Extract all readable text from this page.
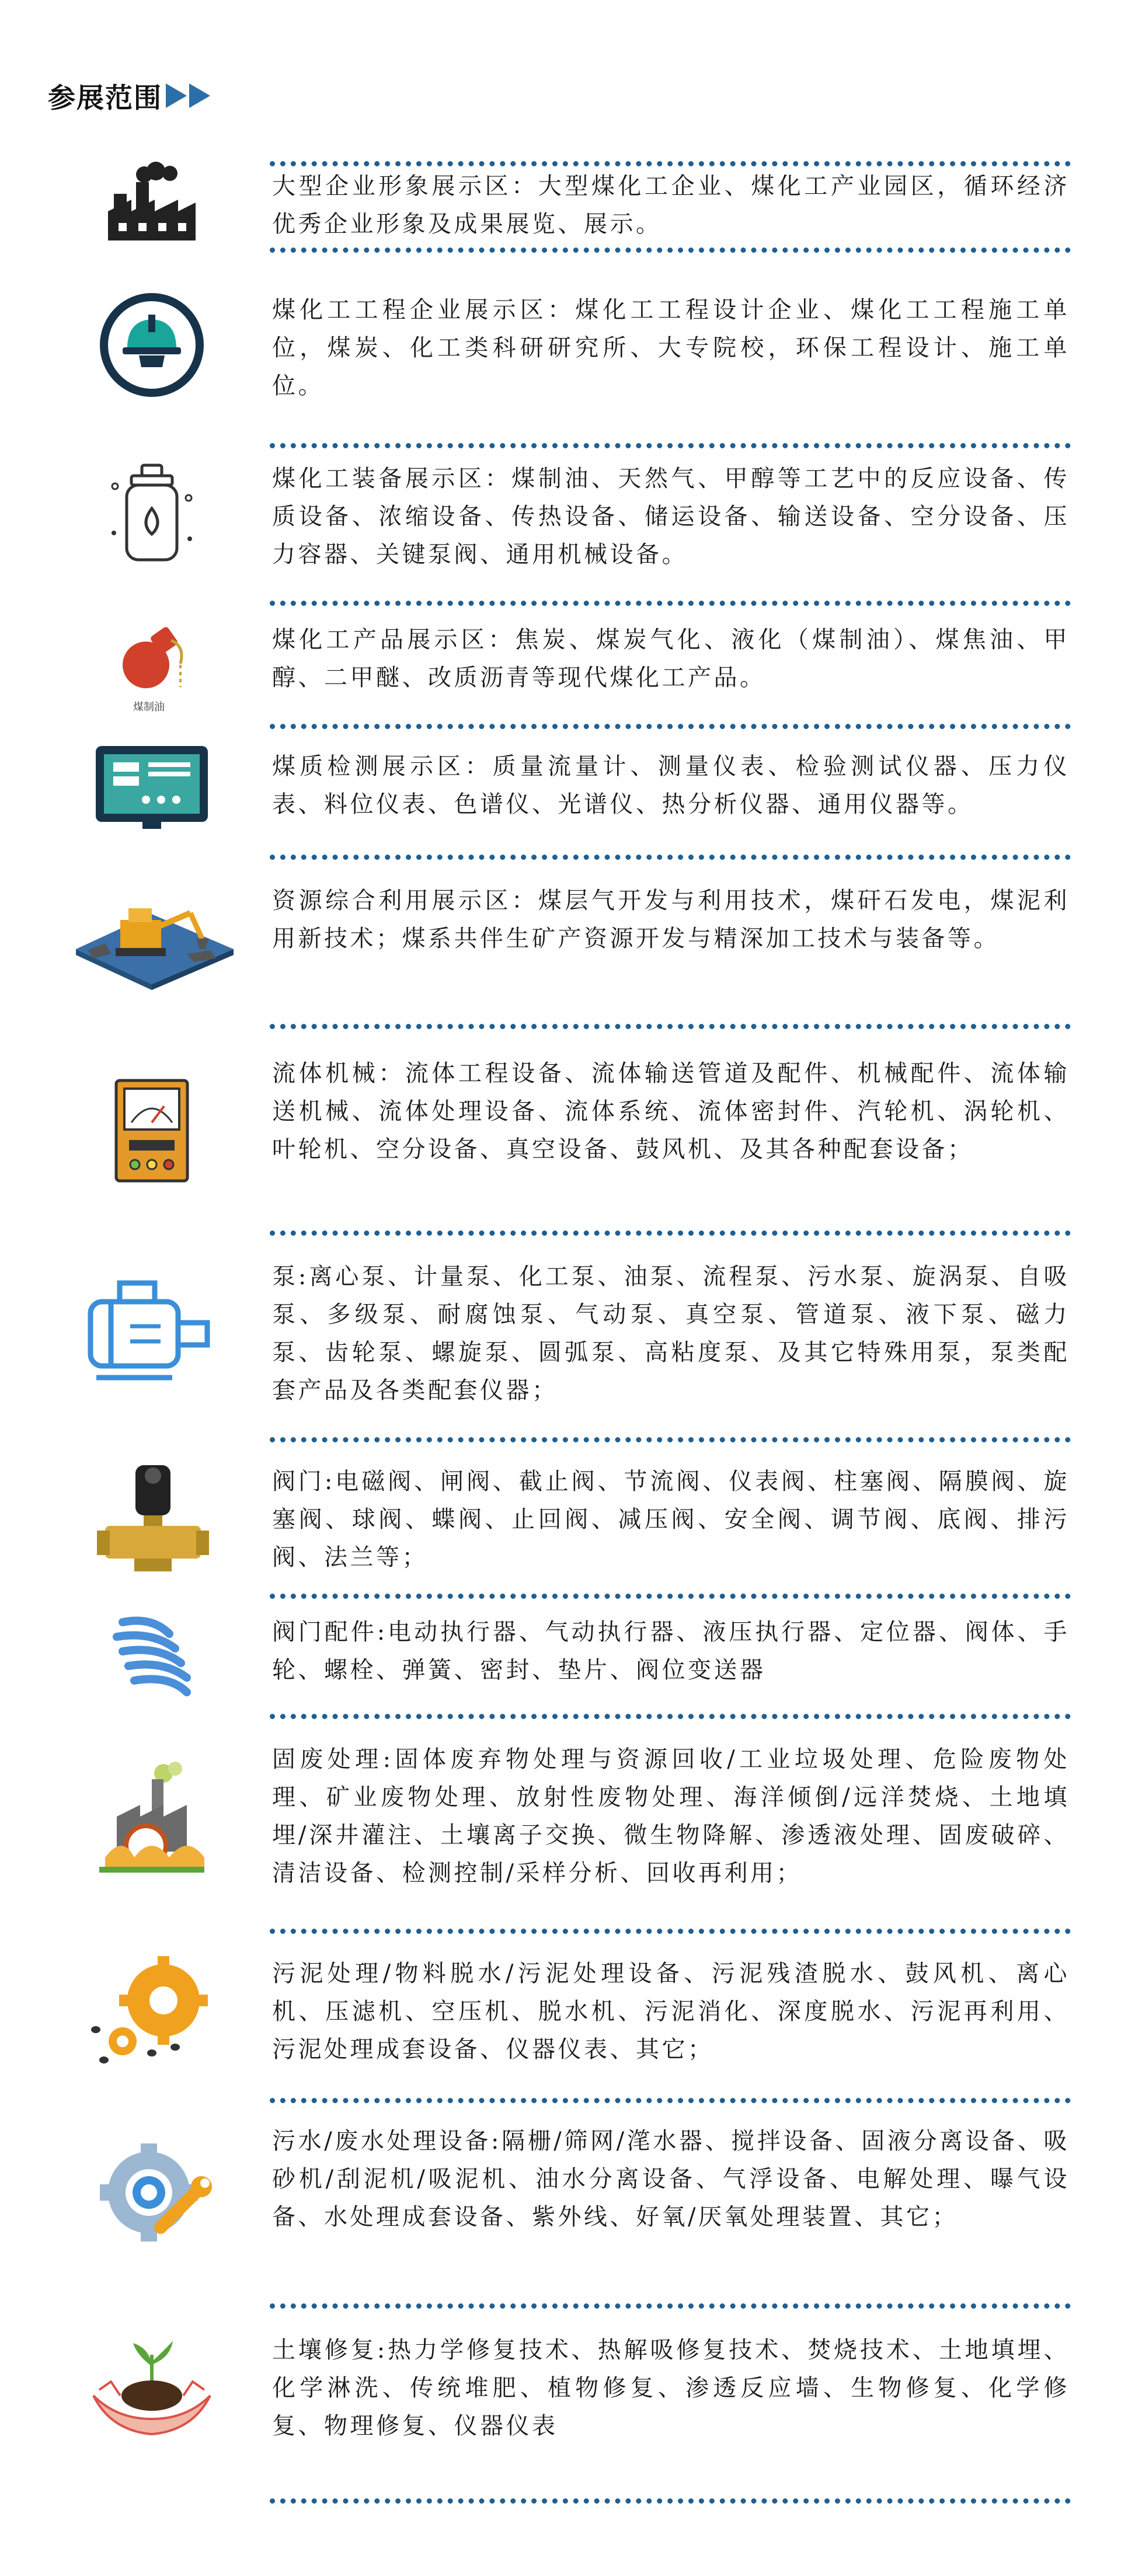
参展范围
大型企业形象展示区：大型煤化工企业、煤化工产业园区，循环经济优秀企业形象及成果展览、展示。
煤化工工程企业展示区：煤化工工程设计企业、煤化工工程施工单位，煤炭、化工类科研研究所、大专院校，环保工程设计、施工单位。
煤化工装备展示区：煤制油、天然气、甲醇等工艺中的反应设备、传质设备、浓缩设备、传热设备、储运设备、输送设备、空分设备、压力容器、关键泵阀、通用机械设备。
煤制油
煤化工产品展示区：焦炭、煤炭气化、液化（煤制油）、煤焦油、甲醇、二甲醚、改质沥青等现代煤化工产品。
煤质检测展示区：质量流量计、测量仪表、检验测试仪器、压力仪表、料位仪表、色谱仪、光谱仪、热分析仪器、通用仪器等。
资源综合利用展示区：煤层气开发与利用技术，煤矸石发电，煤泥利用新技术；煤系共伴生矿产资源开发与精深加工技术与装备等。
流体机械：流体工程设备、流体输送管道及配件、机械配件、流体输送机械、流体处理设备、流体系统、流体密封件、汽轮机、涡轮机、叶轮机、空分设备、真空设备、鼓风机、及其各种配套设备；
泵:离心泵、计量泵、化工泵、油泵、流程泵、污水泵、旋涡泵、自吸泵、多级泵、耐腐蚀泵、气动泵、真空泵、管道泵、液下泵、磁力泵、齿轮泵、螺旋泵、圆弧泵、高粘度泵、及其它特殊用泵，泵类配套产品及各类配套仪器；
阀门:电磁阀、闸阀、截止阀、节流阀、仪表阀、柱塞阀、隔膜阀、旋塞阀、球阀、蝶阀、止回阀、减压阀、安全阀、调节阀、底阀、排污阀、法兰等；
阀门配件:电动执行器、气动执行器、液压执行器、定位器、阀体、手轮、螺栓、弹簧、密封、垫片、阀位变送器
固废处理:固体废弃物处理与资源回收/工业垃圾处理、危险废物处理、矿业废物处理、放射性废物处理、海洋倾倒/远洋焚烧、土地填埋/深井灌注、土壤离子交换、微生物降解、渗透液处理、固废破碎、清洁设备、检测控制/采样分析、回收再利用；
污泥处理/物料脱水/污泥处理设备、污泥残渣脱水、鼓风机、离心机、压滤机、空压机、脱水机、污泥消化、深度脱水、污泥再利用、污泥处理成套设备、仪器仪表、其它；
污水/废水处理设备:隔栅/筛网/滗水器、搅拌设备、固液分离设备、吸砂机/刮泥机/吸泥机、油水分离设备、气浮设备、电解处理、曝气设备、水处理成套设备、紫外线、好氧/厌氧处理装置、其它；
土壤修复:热力学修复技术、热解吸修复技术、焚烧技术、土地填埋、化学淋洗、传统堆肥、植物修复、渗透反应墙、生物修复、化学修复、物理修复、仪器仪表
